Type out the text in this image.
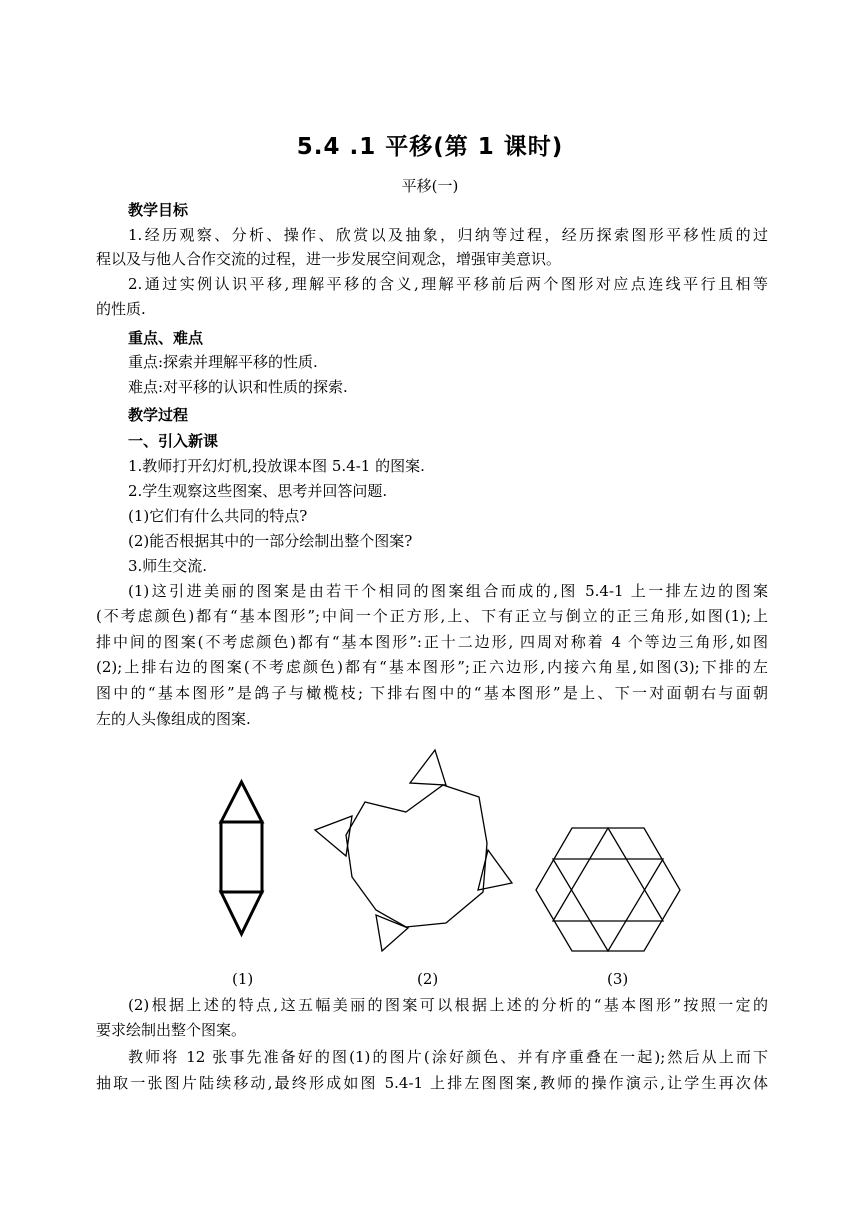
5.4 .1 平移(第 1 课时)
平移(一)
教学目标
1.经历观察、分析、操作、欣赏以及抽象，归纳等过程，经历探索图形平移性质的过
程以及与他人合作交流的过程，进一步发展空间观念，增强审美意识。
2.通过实例认识平移,理解平移的含义,理解平移前后两个图形对应点连线平行且相等
的性质.
重点、难点
重点:探索并理解平移的性质.
难点:对平移的认识和性质的探索.
教学过程
一、引入新课
1.教师打开幻灯机,投放课本图 5.4-1 的图案.
2.学生观察这些图案、思考并回答问题.
(1)它们有什么共同的特点?
(2)能否根据其中的一部分绘制出整个图案?
3.师生交流.
(1)这引进美丽的图案是由若干个相同的图案组合而成的,图 5.4-1 上一排左边的图案
(不考虑颜色)都有“基本图形”;中间一个正方形,上、下有正立与倒立的正三角形,如图(1);上
排中间的图案(不考虑颜色)都有“基本图形”:正十二边形, 四周对称着 4 个等边三角形,如图
(2);上排右边的图案(不考虑颜色)都有“基本图形”;正六边形,内接六角星,如图(3);下排的左
图中的“基本图形”是鸽子与橄榄枝; 下排右图中的“基本图形”是上、下一对面朝右与面朝
左的人头像组成的图案.
(1)	(2)	(3)
(2)根据上述的特点,这五幅美丽的图案可以根据上述的分析的“基本图形”按照一定的
要求绘制出整个图案。
教师将 12 张事先准备好的图(1)的图片(涂好颜色、并有序重叠在一起);然后从上而下
抽取一张图片陆续移动,最终形成如图 5.4-1 上排左图图案,教师的操作演示,让学生再次体
